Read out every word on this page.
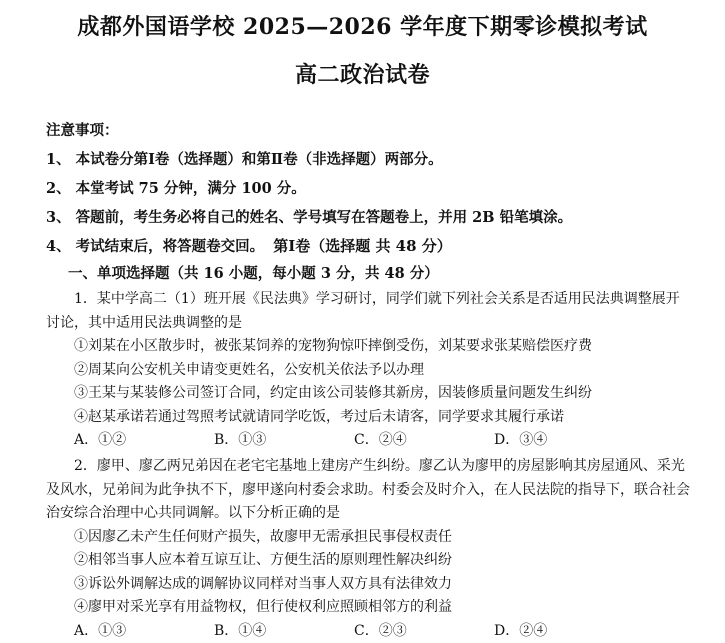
成都外国语学校 2025—2026 学年度下期零诊模拟考试
高二政治试卷
注意事项：
1、 本试卷分第Ⅰ卷（选择题）和第Ⅱ卷（非选择题）两部分。
2、 本堂考试 75 分钟，满分 100 分。
3、 答题前，考生务必将自己的姓名、学号填写在答题卷上，并用 2B 铅笔填涂。
4、 考试结束后，将答题卷交回。 第Ⅰ卷（选择题 共 48 分）
一、单项选择题（共 16 小题，每小题 3 分，共 48 分）
1．某中学高二（1）班开展《民法典》学习研讨，同学们就下列社会关系是否适用民法典调整展开讨论，其中适用民法典调整的是
①刘某在小区散步时，被张某饲养的宠物狗惊吓摔倒受伤，刘某要求张某赔偿医疗费
②周某向公安机关申请变更姓名，公安机关依法予以办理
③王某与某装修公司签订合同，约定由该公司装修其新房，因装修质量问题发生纠纷
④赵某承诺若通过驾照考试就请同学吃饭，考过后未请客，同学要求其履行承诺
A．①②	B．①③	C．②④	D．③④
2．廖甲、廖乙两兄弟因在老宅宅基地上建房产生纠纷。廖乙认为廖甲的房屋影响其房屋通风、采光及风水，兄弟间为此争执不下，廖甲遂向村委会求助。村委会及时介入，在人民法院的指导下，联合社会治安综合治理中心共同调解。以下分析正确的是
①因廖乙未产生任何财产损失，故廖甲无需承担民事侵权责任
②相邻当事人应本着互谅互让、方便生活的原则理性解决纠纷
③诉讼外调解达成的调解协议同样对当事人双方具有法律效力
④廖甲对采光享有用益物权，但行使权利应照顾相邻方的利益
A．①③	B．①④	C．②③	D．②④
